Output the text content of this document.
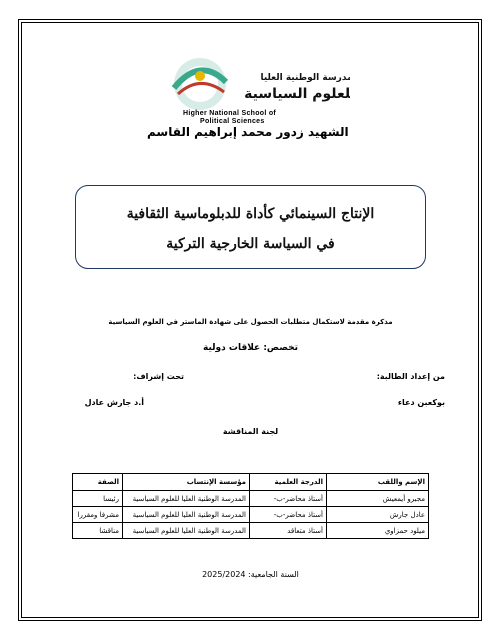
المدرسة الوطنية العليا
للعلوم السياسية
Higher National School of
Political Sciences
الشهيد زدور محمد إبراهيم القاسم
الإنتاج السينمائي كأداة للدبلوماسية الثقافية
في السياسة الخارجية التركية
مذكرة مقدمة لاستكمال متطلبات الحصول على شهادة الماستر في العلوم السياسية
تخصص: علاقات دولية
من إعداد الطالبة:
تحت إشراف:
بوكعبن دعاء
أ.د جارش عادل
لجنة المناقشة
الإسم واللقب	الدرجة العلمية	مؤسسة الإنتساب	الصفة
مجبرو أيمعيش	أستاذ محاضر-ب-	المدرسة الوطنية العليا للعلوم السياسية	رئيسا
عادل جارش	أستاذ محاضر-ب-	المدرسة الوطنية العليا للعلوم السياسية	مشرفا ومقررا
ميلود حمزاوي	أستاذ متعاقد	المدرسة الوطنية العليا للعلوم السياسية	مناقشا
السنة الجامعية: 2025/2024
